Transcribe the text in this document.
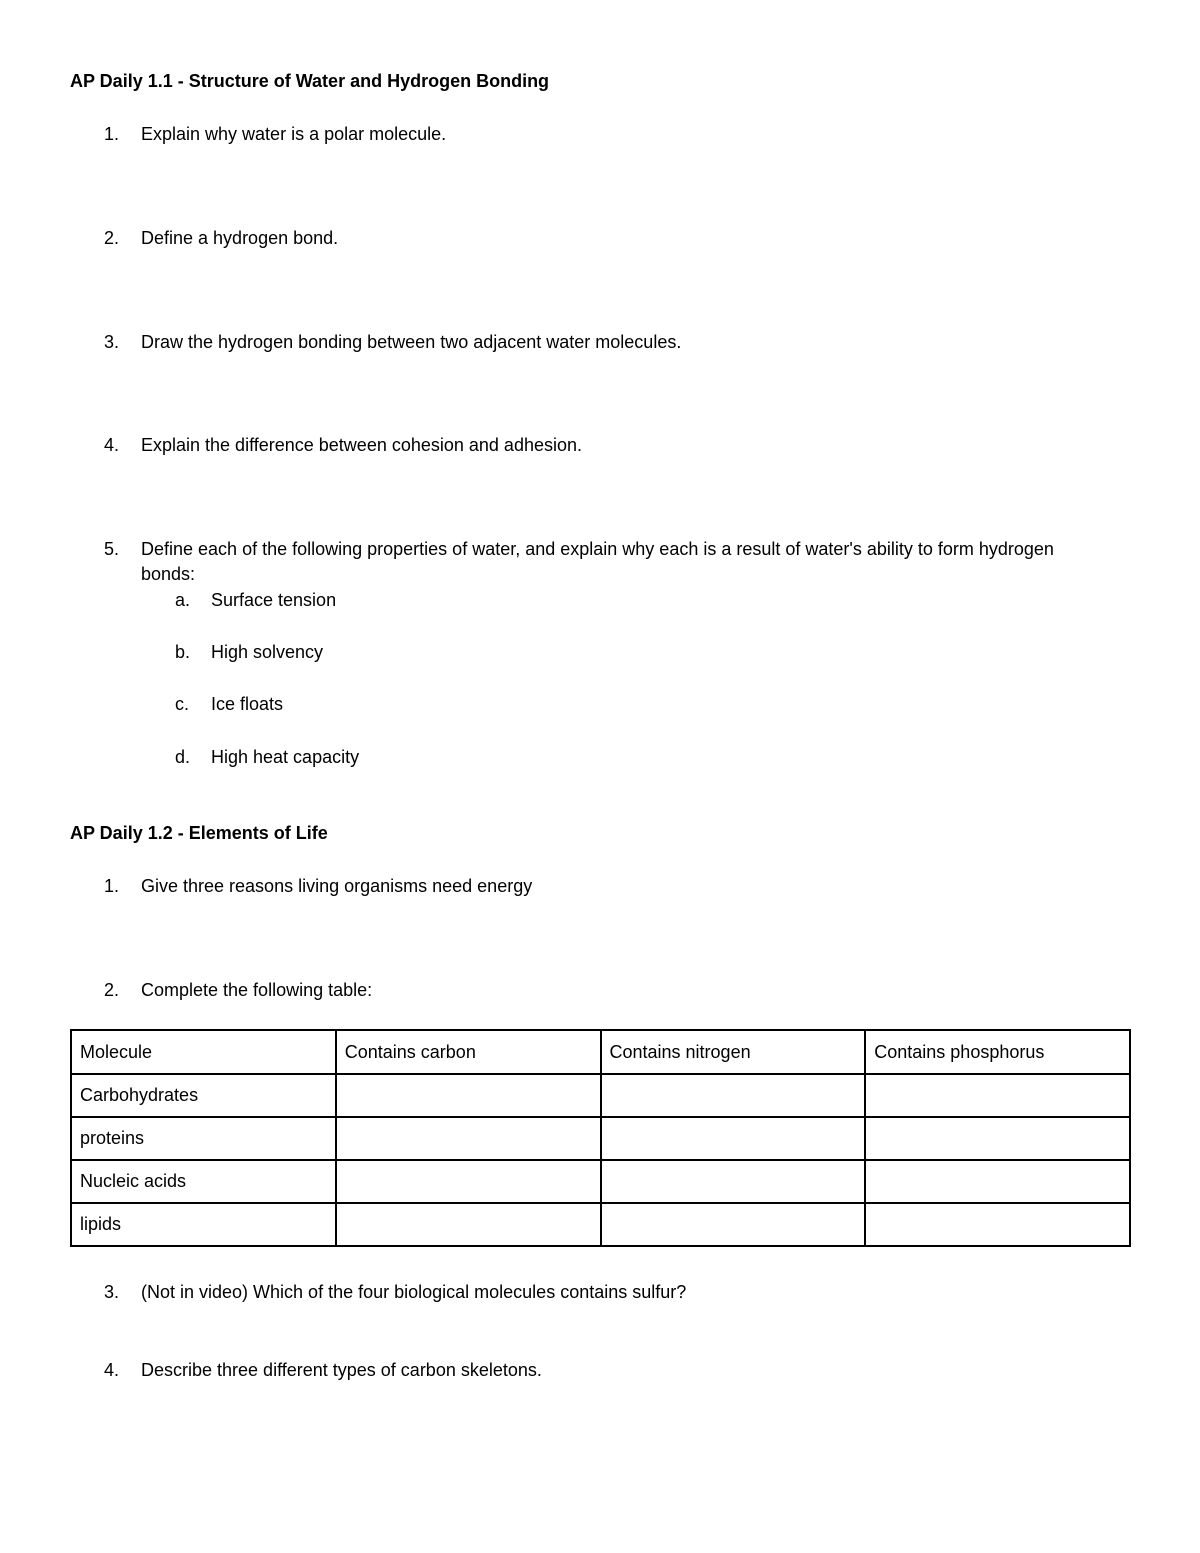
AP Daily 1.1 - Structure of Water and Hydrogen Bonding
1. Explain why water is a polar molecule.
2. Define a hydrogen bond.
3. Draw the hydrogen bonding between two adjacent water molecules.
4. Explain the difference between cohesion and adhesion.
5. Define each of the following properties of water, and explain why each is a result of water's ability to form hydrogen bonds:
a. Surface tension
b. High solvency
c. Ice floats
d. High heat capacity
AP Daily 1.2 - Elements of Life
1. Give three reasons living organisms need energy
2. Complete the following table:
Molecule	Contains carbon	Contains nitrogen	Contains phosphorus
Carbohydrates			
proteins			
Nucleic acids			
lipids			
3. (Not in video) Which of the four biological molecules contains sulfur?
4. Describe three different types of carbon skeletons.
